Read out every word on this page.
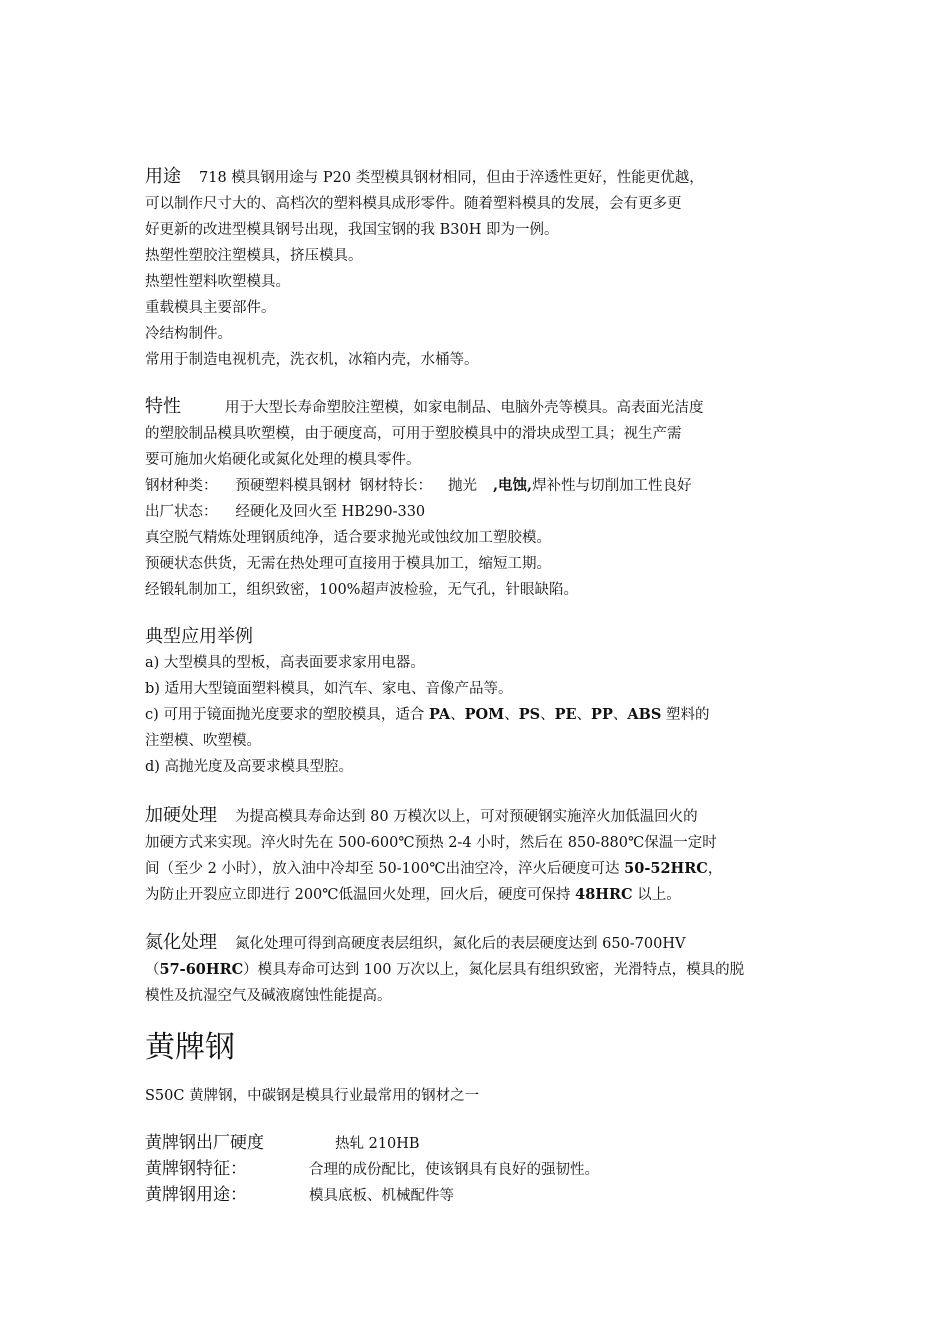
用途 718 模具钢用途与 P20 类型模具钢材相同，但由于淬透性更好，性能更优越，

可以制作尺寸大的、高档次的塑料模具成形零件。随着塑料模具的发展，会有更多更

好更新的改进型模具钢号出现，我国宝钢的我 B30H 即为一例。

热塑性塑胶注塑模具，挤压模具。

热塑性塑料吹塑模具。

重载模具主要部件。

冷结构制件。

常用于制造电视机壳，洗衣机，冰箱内壳，水桶等。

特性	用于大型长寿命塑胶注塑模，如家电制品、电脑外壳等模具。高表面光洁度

的塑胶制品模具吹塑模，由于硬度高，可用于塑胶模具中的滑块成型工具；视生产需

要可施加火焰硬化或氮化处理的模具零件。

钢材种类： 预硬塑料模具钢材 钢材特长： 抛光 ,电蚀,焊补性与切削加工性良好

出厂状态： 经硬化及回火至 HB290-330

真空脱气精炼处理钢质纯净，适合要求抛光或蚀纹加工塑胶模。

预硬状态供货，无需在热处理可直接用于模具加工，缩短工期。

经锻轧制加工，组织致密，100%超声波检验，无气孔，针眼缺陷。

典型应用举例

a) 大型模具的型板，高表面要求家用电器。

b) 适用大型镜面塑料模具，如汽车、家电、音像产品等。

c) 可用于镜面抛光度要求的塑胶模具，适合 PA、POM、PS、PE、PP、ABS 塑料的

注塑模、吹塑模。

d) 高抛光度及高要求模具型腔。

加硬处理 为提高模具寿命达到 80 万模次以上，可对预硬钢实施淬火加低温回火的

加硬方式来实现。淬火时先在 500-600℃预热 2-4 小时，然后在 850-880℃保温一定时

间（至少 2 小时），放入油中冷却至 50-100℃出油空冷，淬火后硬度可达 50-52HRC，

为防止开裂应立即进行 200℃低温回火处理，回火后，硬度可保持 48HRC 以上。

氮化处理 氮化处理可得到高硬度表层组织，氮化后的表层硬度达到 650-700HV

（57-60HRC）模具寿命可达到 100 万次以上，氮化层具有组织致密，光滑特点，模具的脱

模性及抗湿空气及碱液腐蚀性能提高。

黄牌钢
S50C 黄牌钢，中碳钢是模具行业最常用的钢材之一
黄牌钢出厂硬度	热轧 210HB
黄牌钢特征：	合理的成份配比，使该钢具有良好的强韧性。
黄牌钢用途：	模具底板、机械配件等
